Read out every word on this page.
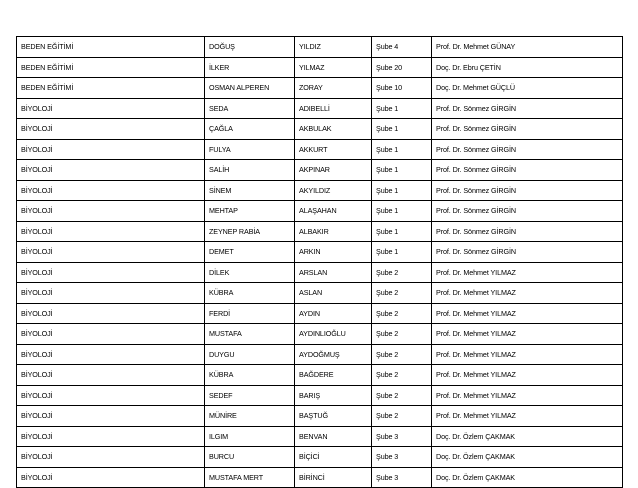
BEDEN EĞİTİMİ	DOĞUŞ	YILDIZ	Şube 4	Prof. Dr. Mehmet GÜNAY
BEDEN EĞİTİMİ	İLKER	YILMAZ	Şube 20	Doç. Dr. Ebru ÇETİN
BEDEN EĞİTİMİ	OSMAN ALPEREN	ZORAY	Şube 10	Doç. Dr. Mehmet GÜÇLÜ
BİYOLOJİ	SEDA	ADIBELLİ	Şube 1	Prof. Dr. Sönmez GİRGİN
BİYOLOJİ	ÇAĞLA	AKBULAK	Şube 1	Prof. Dr. Sönmez GİRGİN
BİYOLOJİ	FULYA	AKKURT	Şube 1	Prof. Dr. Sönmez GİRGİN
BİYOLOJİ	SALİH	AKPINAR	Şube 1	Prof. Dr. Sönmez GİRGİN
BİYOLOJİ	SİNEM	AKYILDIZ	Şube 1	Prof. Dr. Sönmez GİRGİN
BİYOLOJİ	MEHTAP	ALAŞAHAN	Şube 1	Prof. Dr. Sönmez GİRGİN
BİYOLOJİ	ZEYNEP RABİA	ALBAKIR	Şube 1	Prof. Dr. Sönmez GİRGİN
BİYOLOJİ	DEMET	ARKIN	Şube 1	Prof. Dr. Sönmez GİRGİN
BİYOLOJİ	DİLEK	ARSLAN	Şube 2	Prof. Dr. Mehmet YILMAZ
BİYOLOJİ	KÜBRA	ASLAN	Şube 2	Prof. Dr. Mehmet YILMAZ
BİYOLOJİ	FERDİ	AYDIN	Şube 2	Prof. Dr. Mehmet YILMAZ
BİYOLOJİ	MUSTAFA	AYDINLIOĞLU	Şube 2	Prof. Dr. Mehmet YILMAZ
BİYOLOJİ	DUYGU	AYDOĞMUŞ	Şube 2	Prof. Dr. Mehmet YILMAZ
BİYOLOJİ	KÜBRA	BAĞDERE	Şube 2	Prof. Dr. Mehmet YILMAZ
BİYOLOJİ	SEDEF	BARIŞ	Şube 2	Prof. Dr. Mehmet YILMAZ
BİYOLOJİ	MÜNİRE	BAŞTUĞ	Şube 2	Prof. Dr. Mehmet YILMAZ
BİYOLOJİ	ILGIM	BENVAN	Şube 3	Doç. Dr. Özlem ÇAKMAK
BİYOLOJİ	BURCU	BİÇİCİ	Şube 3	Doç. Dr. Özlem ÇAKMAK
BİYOLOJİ	MUSTAFA MERT	BİRİNCİ	Şube 3	Doç. Dr. Özlem ÇAKMAK
